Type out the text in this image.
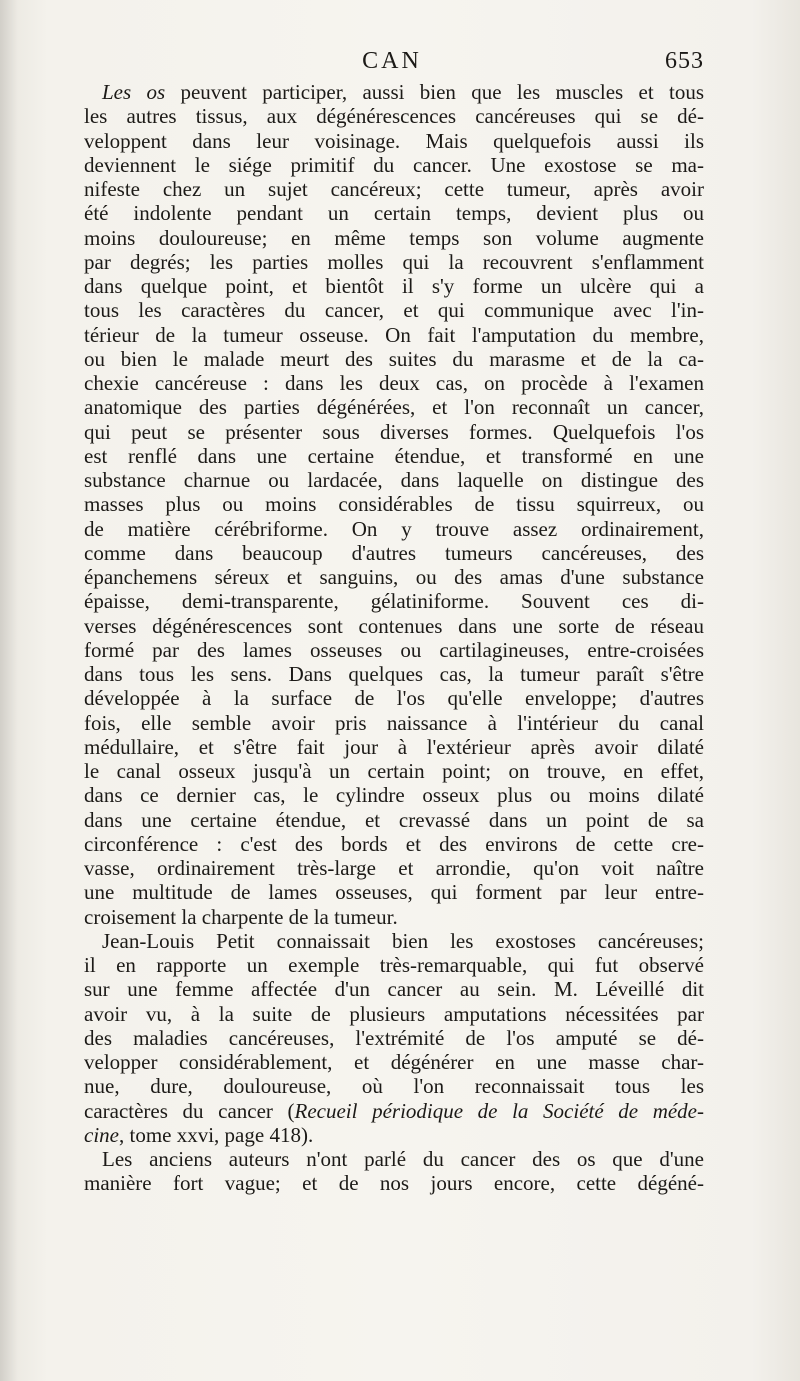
CAN	653
Les os peuvent participer, aussi bien que les muscles et tous
les autres tissus, aux dégénérescences cancéreuses qui se dé-
veloppent dans leur voisinage. Mais quelquefois aussi ils
deviennent le siége primitif du cancer. Une exostose se ma-
nifeste chez un sujet cancéreux; cette tumeur, après avoir
été indolente pendant un certain temps, devient plus ou
moins douloureuse; en même temps son volume augmente
par degrés; les parties molles qui la recouvrent s'enflamment
dans quelque point, et bientôt il s'y forme un ulcère qui a
tous les caractères du cancer, et qui communique avec l'in-
térieur de la tumeur osseuse. On fait l'amputation du membre,
ou bien le malade meurt des suites du marasme et de la ca-
chexie cancéreuse : dans les deux cas, on procède à l'examen
anatomique des parties dégénérées, et l'on reconnaît un cancer,
qui peut se présenter sous diverses formes. Quelquefois l'os
est renflé dans une certaine étendue, et transformé en une
substance charnue ou lardacée, dans laquelle on distingue des
masses plus ou moins considérables de tissu squirreux, ou
de matière cérébriforme. On y trouve assez ordinairement,
comme dans beaucoup d'autres tumeurs cancéreuses, des
épanchemens séreux et sanguins, ou des amas d'une substance
épaisse, demi-transparente, gélatiniforme. Souvent ces di-
verses dégénérescences sont contenues dans une sorte de réseau
formé par des lames osseuses ou cartilagineuses, entre-croisées
dans tous les sens. Dans quelques cas, la tumeur paraît s'être
développée à la surface de l'os qu'elle enveloppe; d'autres
fois, elle semble avoir pris naissance à l'intérieur du canal
médullaire, et s'être fait jour à l'extérieur après avoir dilaté
le canal osseux jusqu'à un certain point; on trouve, en effet,
dans ce dernier cas, le cylindre osseux plus ou moins dilaté
dans une certaine étendue, et crevassé dans un point de sa
circonférence : c'est des bords et des environs de cette cre-
vasse, ordinairement très-large et arrondie, qu'on voit naître
une multitude de lames osseuses, qui forment par leur entre-
croisement la charpente de la tumeur.
Jean-Louis Petit connaissait bien les exostoses cancéreuses;
il en rapporte un exemple très-remarquable, qui fut observé
sur une femme affectée d'un cancer au sein. M. Léveillé dit
avoir vu, à la suite de plusieurs amputations nécessitées par
des maladies cancéreuses, l'extrémité de l'os amputé se dé-
velopper considérablement, et dégénérer en une masse char-
nue, dure, douloureuse, où l'on reconnaissait tous les
caractères du cancer (Recueil périodique de la Société de méde-
cine, tome xxvi, page 418).
Les anciens auteurs n'ont parlé du cancer des os que d'une
manière fort vague; et de nos jours encore, cette dégéné-
